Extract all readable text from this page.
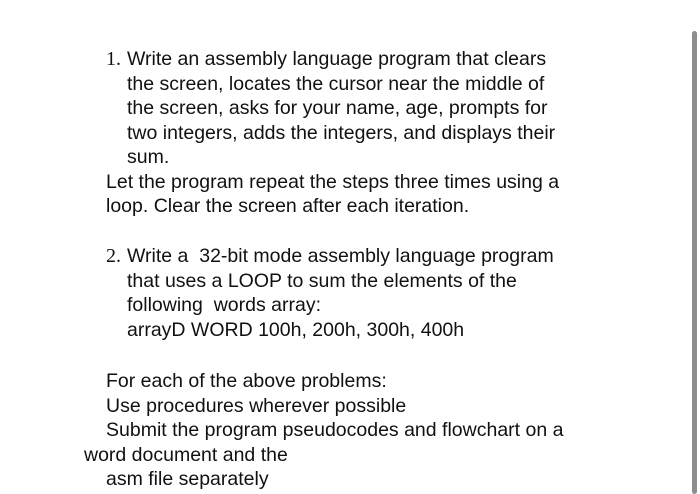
1. Write an assembly language program that clears
the screen, locates the cursor near the middle of
the screen, asks for your name, age, prompts for
two integers, adds the integers, and displays their
sum.
Let the program repeat the steps three times using a
loop. Clear the screen after each iteration.
2. Write a  32-bit mode assembly language program
that uses a LOOP to sum the elements of the
following  words array:
arrayD WORD 100h, 200h, 300h, 400h
For each of the above problems:
Use procedures wherever possible
Submit the program pseudocodes and flowchart on a
word document and the
asm file separately
